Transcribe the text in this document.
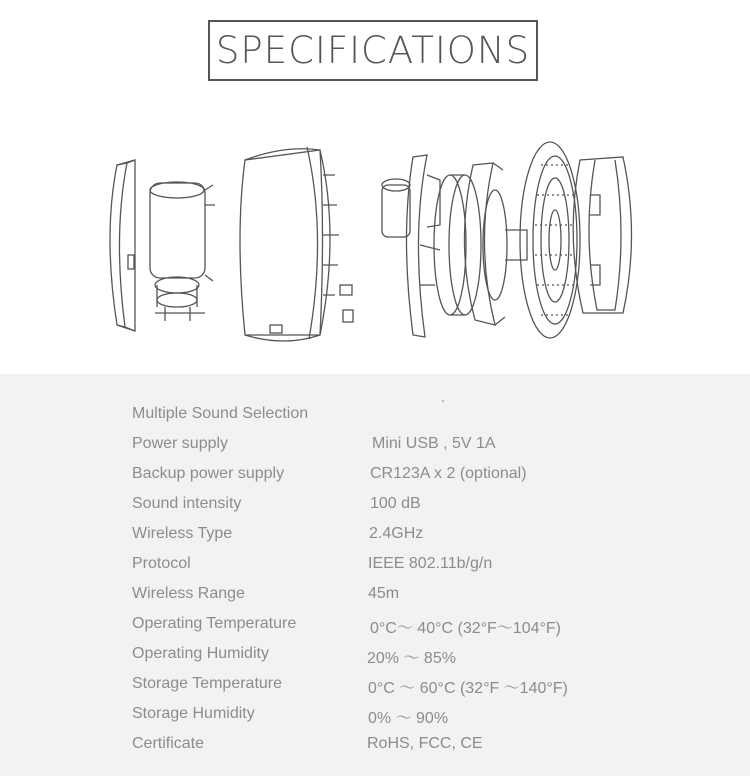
SPECIFICATIONS
Multiple Sound Selection
Power supply	Mini USB , 5V 1A
Backup power supply	CR123A x 2 (optional)
Sound intensity	100 dB
Wireless Type	2.4GHz
Protocol	IEEE 802.11b/g/n
Wireless Range	45m
Operating Temperature	0°C～ 40°C (32°F～104°F)
Operating Humidity	20% ～ 85%
Storage Temperature	0°C ～ 60°C (32°F ～140°F)
Storage Humidity	0% ～ 90%
Certificate	RoHS, FCC, CE
